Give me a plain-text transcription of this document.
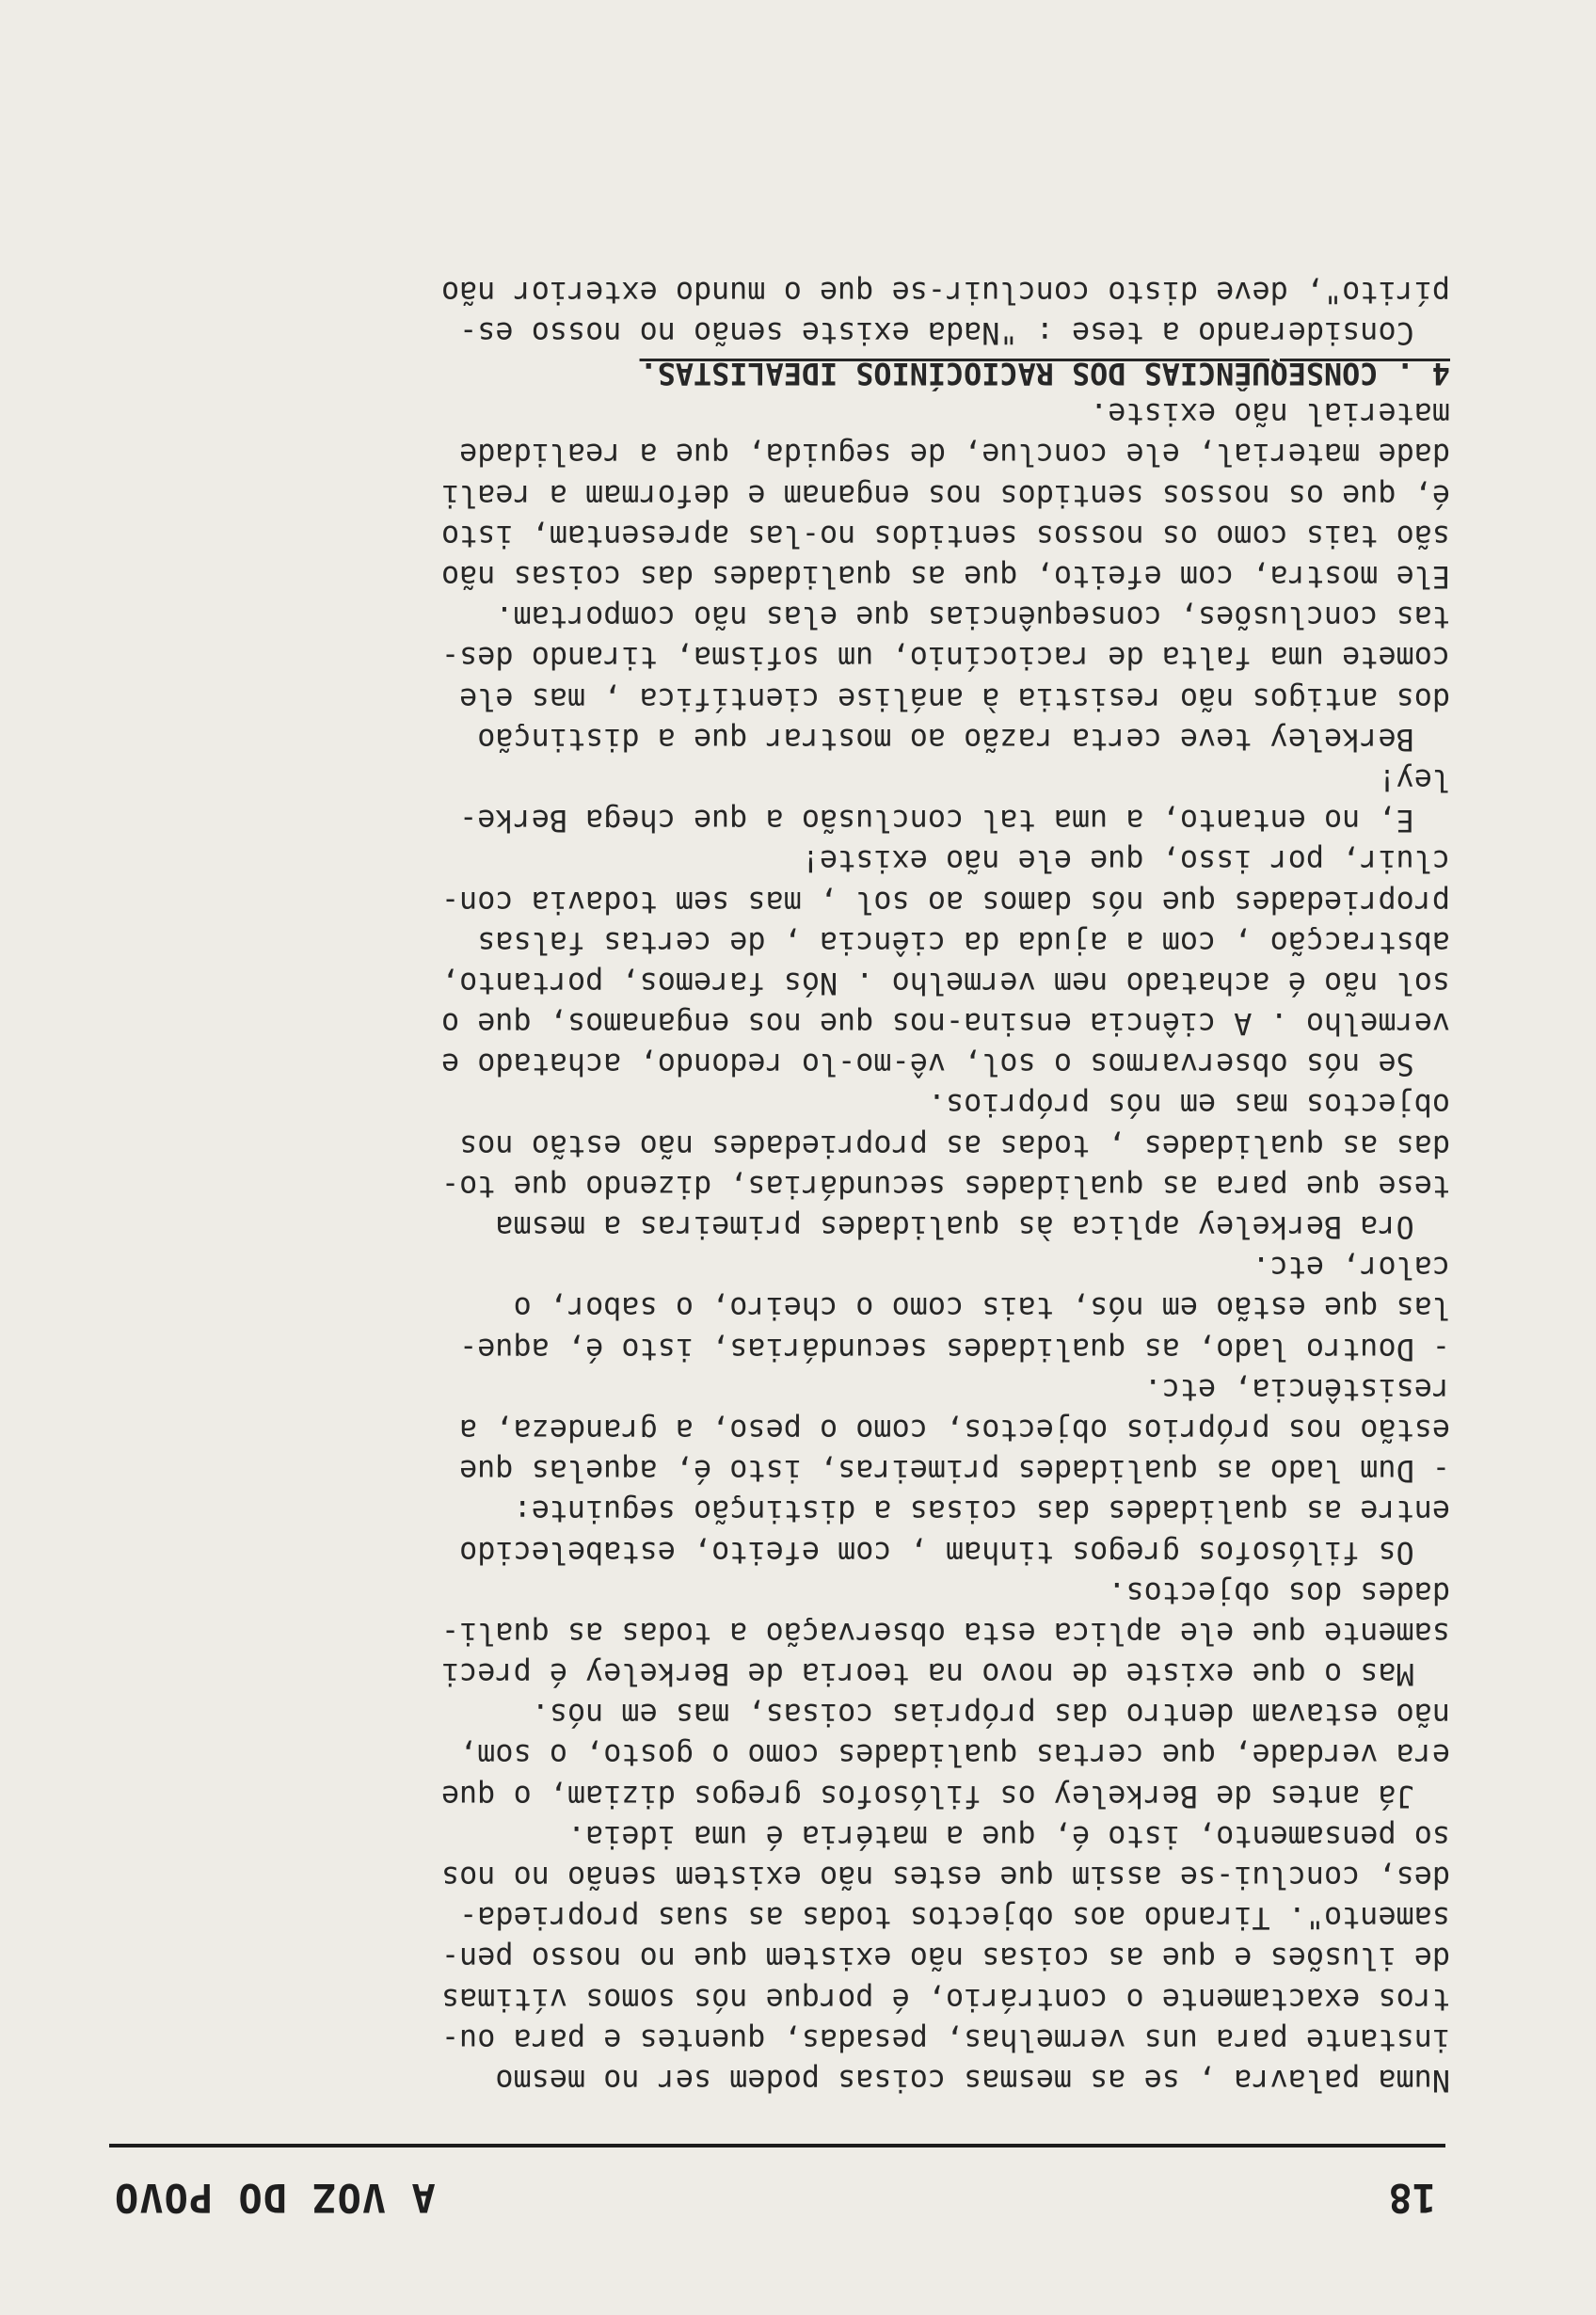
18
A VOZ DO POVO
Numa palavra , se as mesmas coisas podem ser no mesmo
instante para uns vermelhas, pesadas, quentes e para ou-
tros exactamente o contrário, é porque nós somos vítimas
de ilusões e que as coisas não existem que no nosso pen-
samento". Tirando aos objectos todas as suas proprieda-
des, conclui-se assim que estes não existem senão no nos
so pensamento, isto é, que a matéria é uma ideia.
Já antes de Berkeley os filósofos gregos diziam, o que
era verdade, que certas qualidades como o gosto, o som,
não estavam dentro das próprias coisas, mas em nós.
Mas o que existe de novo na teoria de Berkeley é preci
samente que ele aplica esta observação a todas as quali-
dades dos objectos.
Os filósofos gregos tinham , com efeito, estabelecido
entre as qualidades das coisas a distinção seguinte:
- Dum lado as qualidades primeiras, isto é, aquelas que
estão nos próprios objectos, como o peso, a grandeza, a
resistência, etc.
- Doutro lado, as qualidades secundárias, isto é, aque-
las que estão em nós, tais como o cheiro, o sabor, o
calor, etc.
Ora Berkeley aplica às qualidades primeiras a mesma
tese que para as qualidades secundárias, dizendo que to-
das as qualidades , todas as propriedades não estão nos
objectos mas em nós próprios.
Se nós observarmos o sol, vê-mo-lo redondo, achatado e
vermelho . A ciência ensina-nos que nos enganamos, que o
sol não é achatado nem vermelho . Nós faremos, portanto,
abstracção , com a ajuda da ciência , de certas falsas
propriedades que nós damos ao sol , mas sem todavia con-
cluir, por isso, que ele não existe!
E, no entanto, a uma tal conclusão a que chega Berke-
ley!
Berkeley teve certa razão ao mostrar que a distinção
dos antigos não resistia à análise científica , mas ele
comete uma falta de raciocínio, um sofisma, tirando des-
tas conclusões, consequências que elas não comportam.
Ele mostra, com efeito, que as qualidades das coisas não
são tais como os nossos sentidos no-las apresentam, isto
é, que os nossos sentidos nos enganam e deformam a reali
dade material, ele conclue, de seguida, que a realidade
material não existe.
4 . CONSEQUÊNCIAS DOS RACIOCÍNIOS IDEALISTAS.
Considerando a tese : "Nada existe senão no nosso es-
pírito", deve disto concluir-se que o mundo exterior não
